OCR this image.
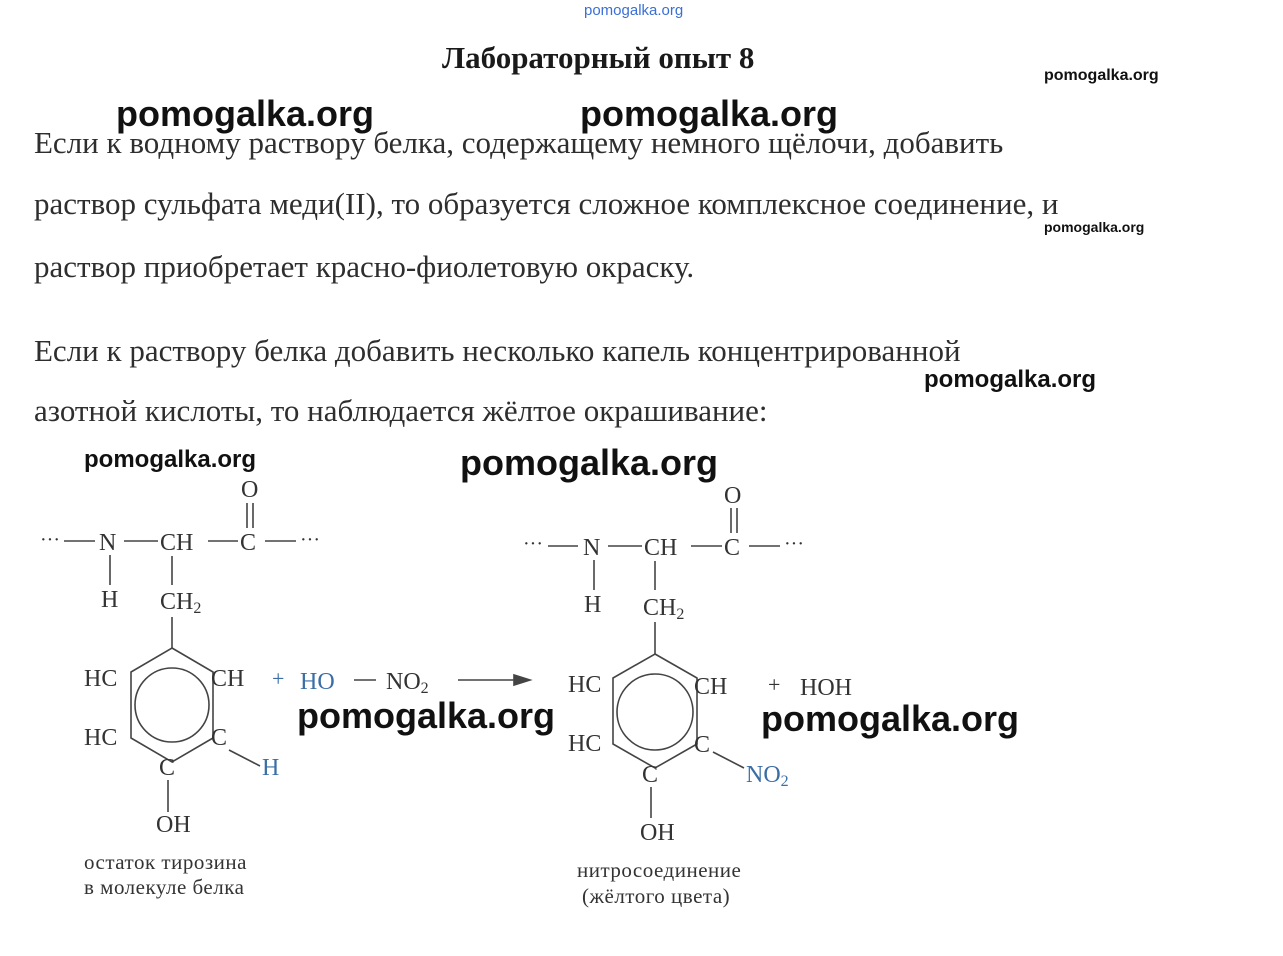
pomogalka.org
pomogalka.org
pomogalka.org	pomogalka.org
pomogalka.org
pomogalka.org
pomogalka.org	pomogalka.org
pomogalka.org	pomogalka.org
Лабораторный опыт 8
Если к водному раствору белка, содержащему немного щёлочи, добавить
раствор сульфата меди(II), то образуется сложное комплексное соединение, и
раствор приобретает красно-фиолетовую окраску.
Если к раствору белка добавить несколько капель концентрированной
азотной кислоты, то наблюдается жёлтое окрашивание:
···	···
O
N CH C
H CH2
HC	CH
HC	C
H
C
OH
+ HO NO2
···	···
O
N CH C
H CH2
HC	CH
HC	C
NO2
C
OH
+ HOH
остаток тирозина
в молекуле белка
нитросоединение
(жёлтого цвета)
